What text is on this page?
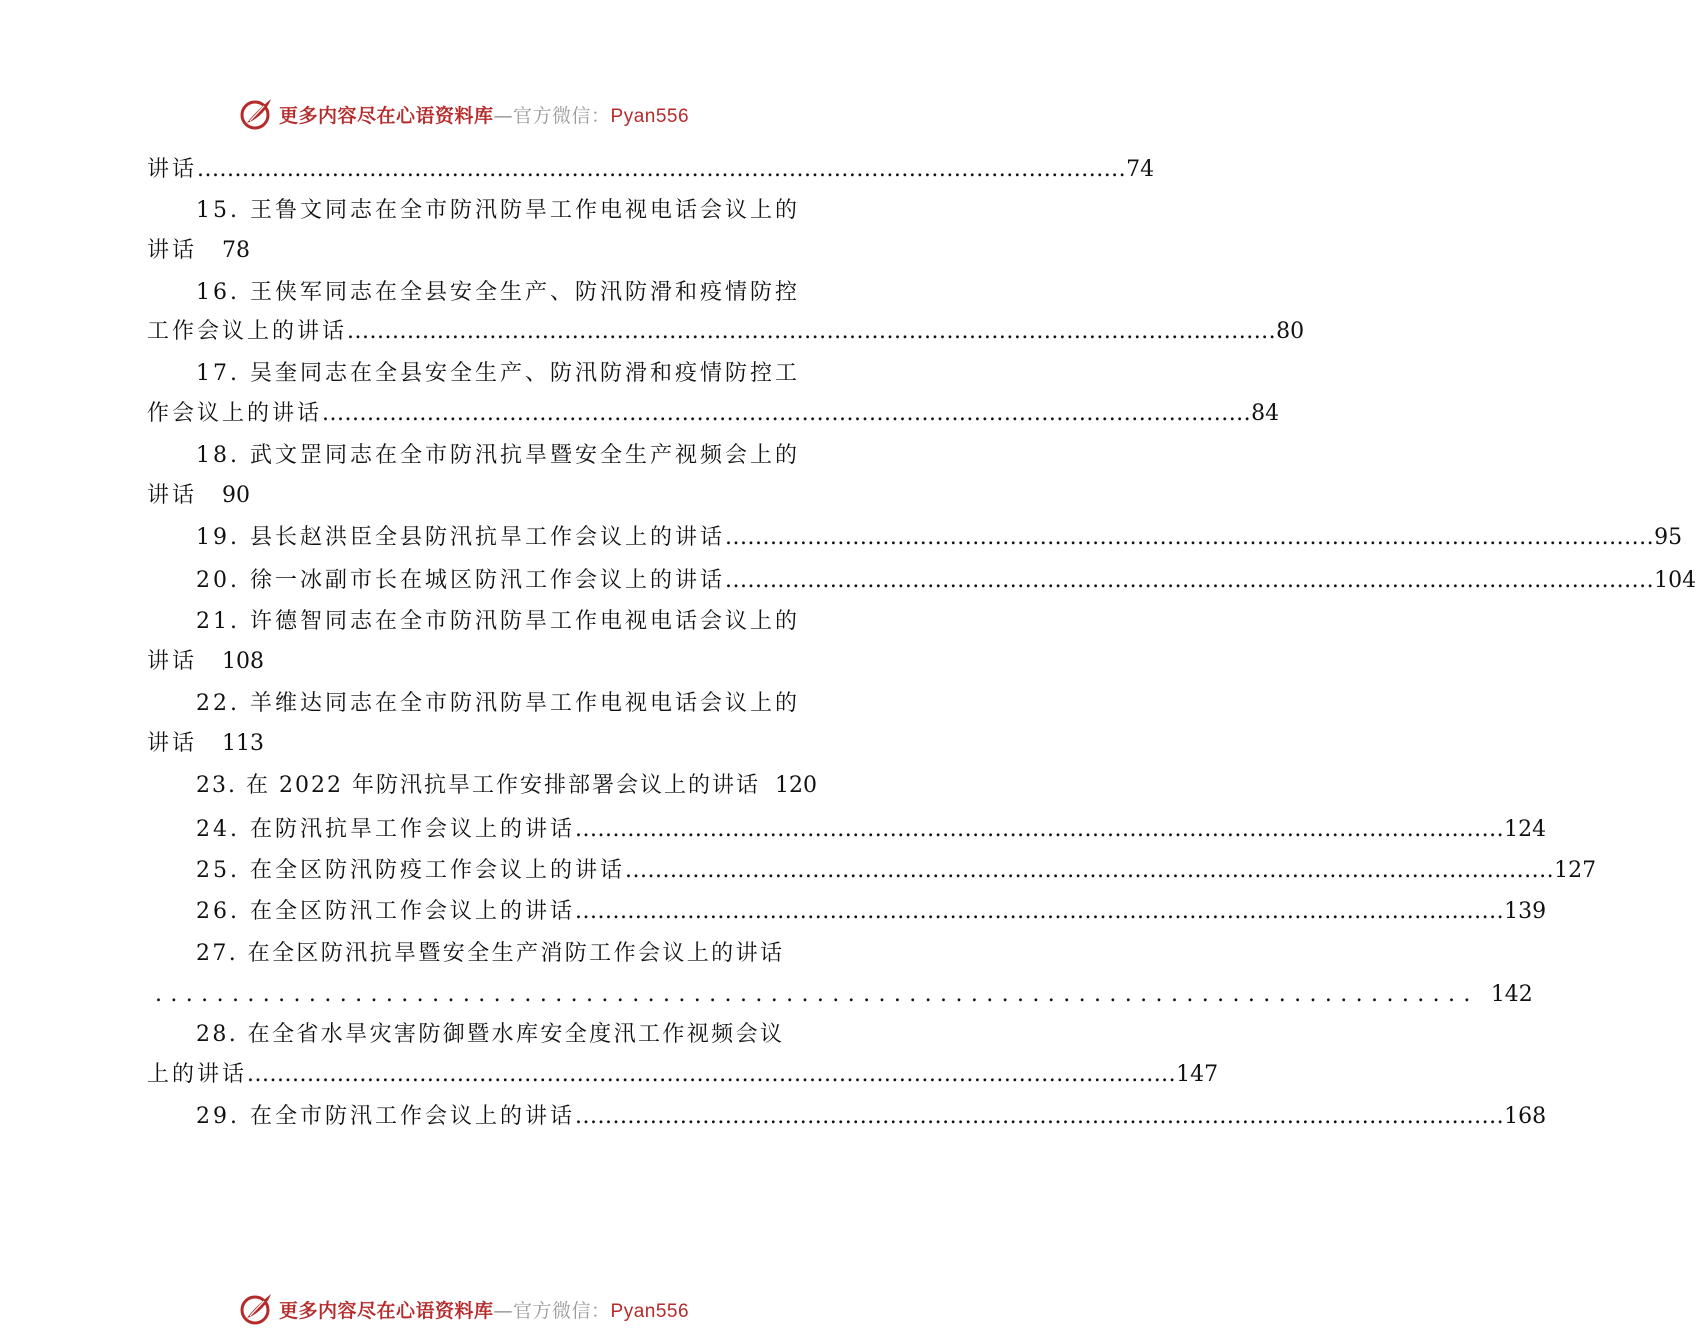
更多内容尽在心语资料库—官方微信：Pyan556
讲话 ............................................................................................................................ 74
15. 王鲁文同志在全市防汛防旱工作电视电话会议上的
讲话 78
16. 王侠军同志在全县安全生产、防汛防滑和疫情防控
工作会议上的讲话 ............................................................................................................................ 80
17. 吴奎同志在全县安全生产、防汛防滑和疫情防控工
作会议上的讲话 ............................................................................................................................ 84
18. 武文罡同志在全市防汛抗旱暨安全生产视频会上的
讲话 90
19. 县长赵洪臣全县防汛抗旱工作会议上的讲话 ............................................................................................................................ 95
20. 徐一冰副市长在城区防汛工作会议上的讲话 ............................................................................................................................ 104
21. 许德智同志在全市防汛防旱工作电视电话会议上的
讲话 108
22. 羊维达同志在全市防汛防旱工作电视电话会议上的
讲话 113
23. 在 2022 年防汛抗旱工作安排部署会议上的讲话 120
24. 在防汛抗旱工作会议上的讲话 ............................................................................................................................ 124
25. 在全区防汛防疫工作会议上的讲话 ............................................................................................................................ 127
26. 在全区防汛工作会议上的讲话 ............................................................................................................................ 139
27. 在全区防汛抗旱暨安全生产消防工作会议上的讲话
...................................................................................... 142
28. 在全省水旱灾害防御暨水库安全度汛工作视频会议
上的讲话 ............................................................................................................................ 147
29. 在全市防汛工作会议上的讲话 ............................................................................................................................ 168
更多内容尽在心语资料库—官方微信：Pyan556
